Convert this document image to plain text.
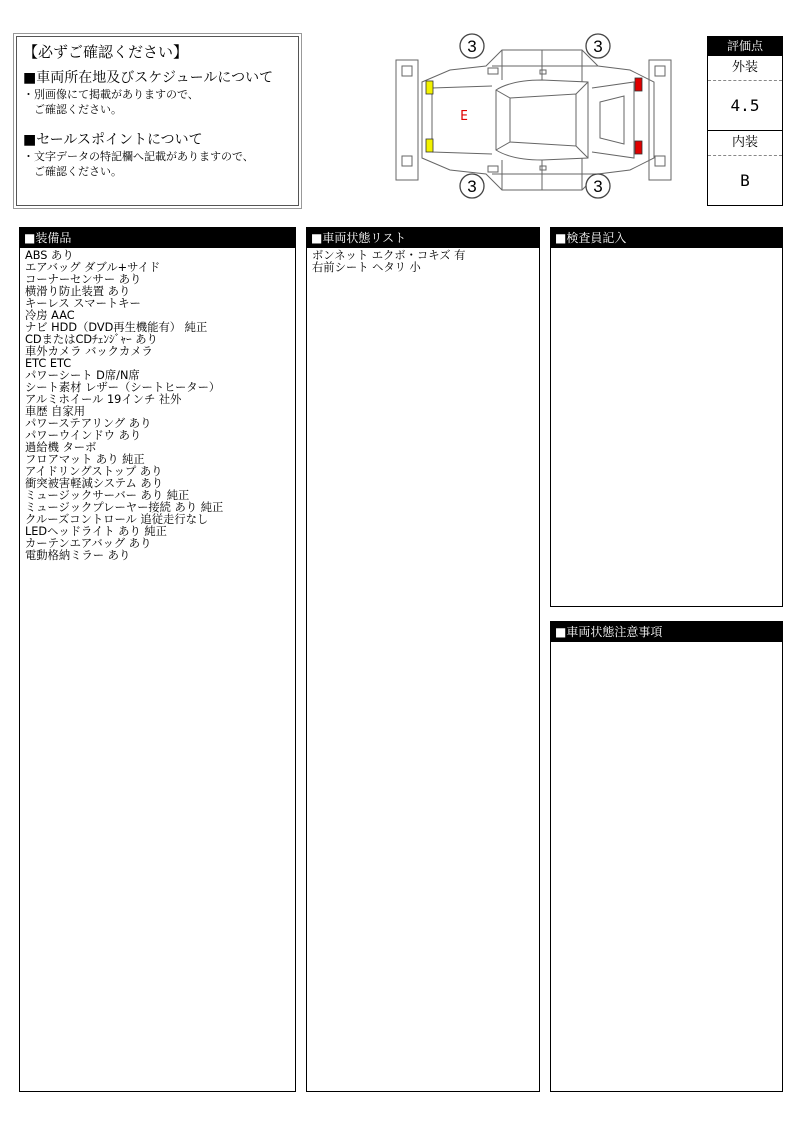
【必ずご確認ください】
■車両所在地及びスケジュールについて
・別画像にて掲載がありますので、
　ご確認ください。
■セールスポイントについて
・文字データの特記欄へ記載がありますので、
　ご確認ください。
3	3
3	3
E
評価点
外装
4.5
内装
B
■装備品
ABS あり
エアバッグ ダブル+サイド
コーナーセンサー あり
横滑り防止装置 あり
キーレス スマートキー
冷房 AAC
ナビ HDD（DVD再生機能有） 純正
CDまたはCDﾁｪﾝｼﾞｬｰ あり
車外カメラ バックカメラ
ETC ETC
パワーシート D席/N席
シート素材 レザー（シートヒーター）
アルミホイール 19インチ 社外
車歴 自家用
パワーステアリング あり
パワーウインドウ あり
過給機 ターボ
フロアマット あり 純正
アイドリングストップ あり
衝突被害軽減システム あり
ミュージックサーバー あり 純正
ミュージックプレーヤー接続 あり 純正
クルーズコントロール 追従走行なし
LEDヘッドライト あり 純正
カーテンエアバッグ あり
電動格納ミラー あり
■車両状態リスト
ボンネット エクボ・コキズ 有
右前シート ヘタリ 小
■検査員記入
■車両状態注意事項
